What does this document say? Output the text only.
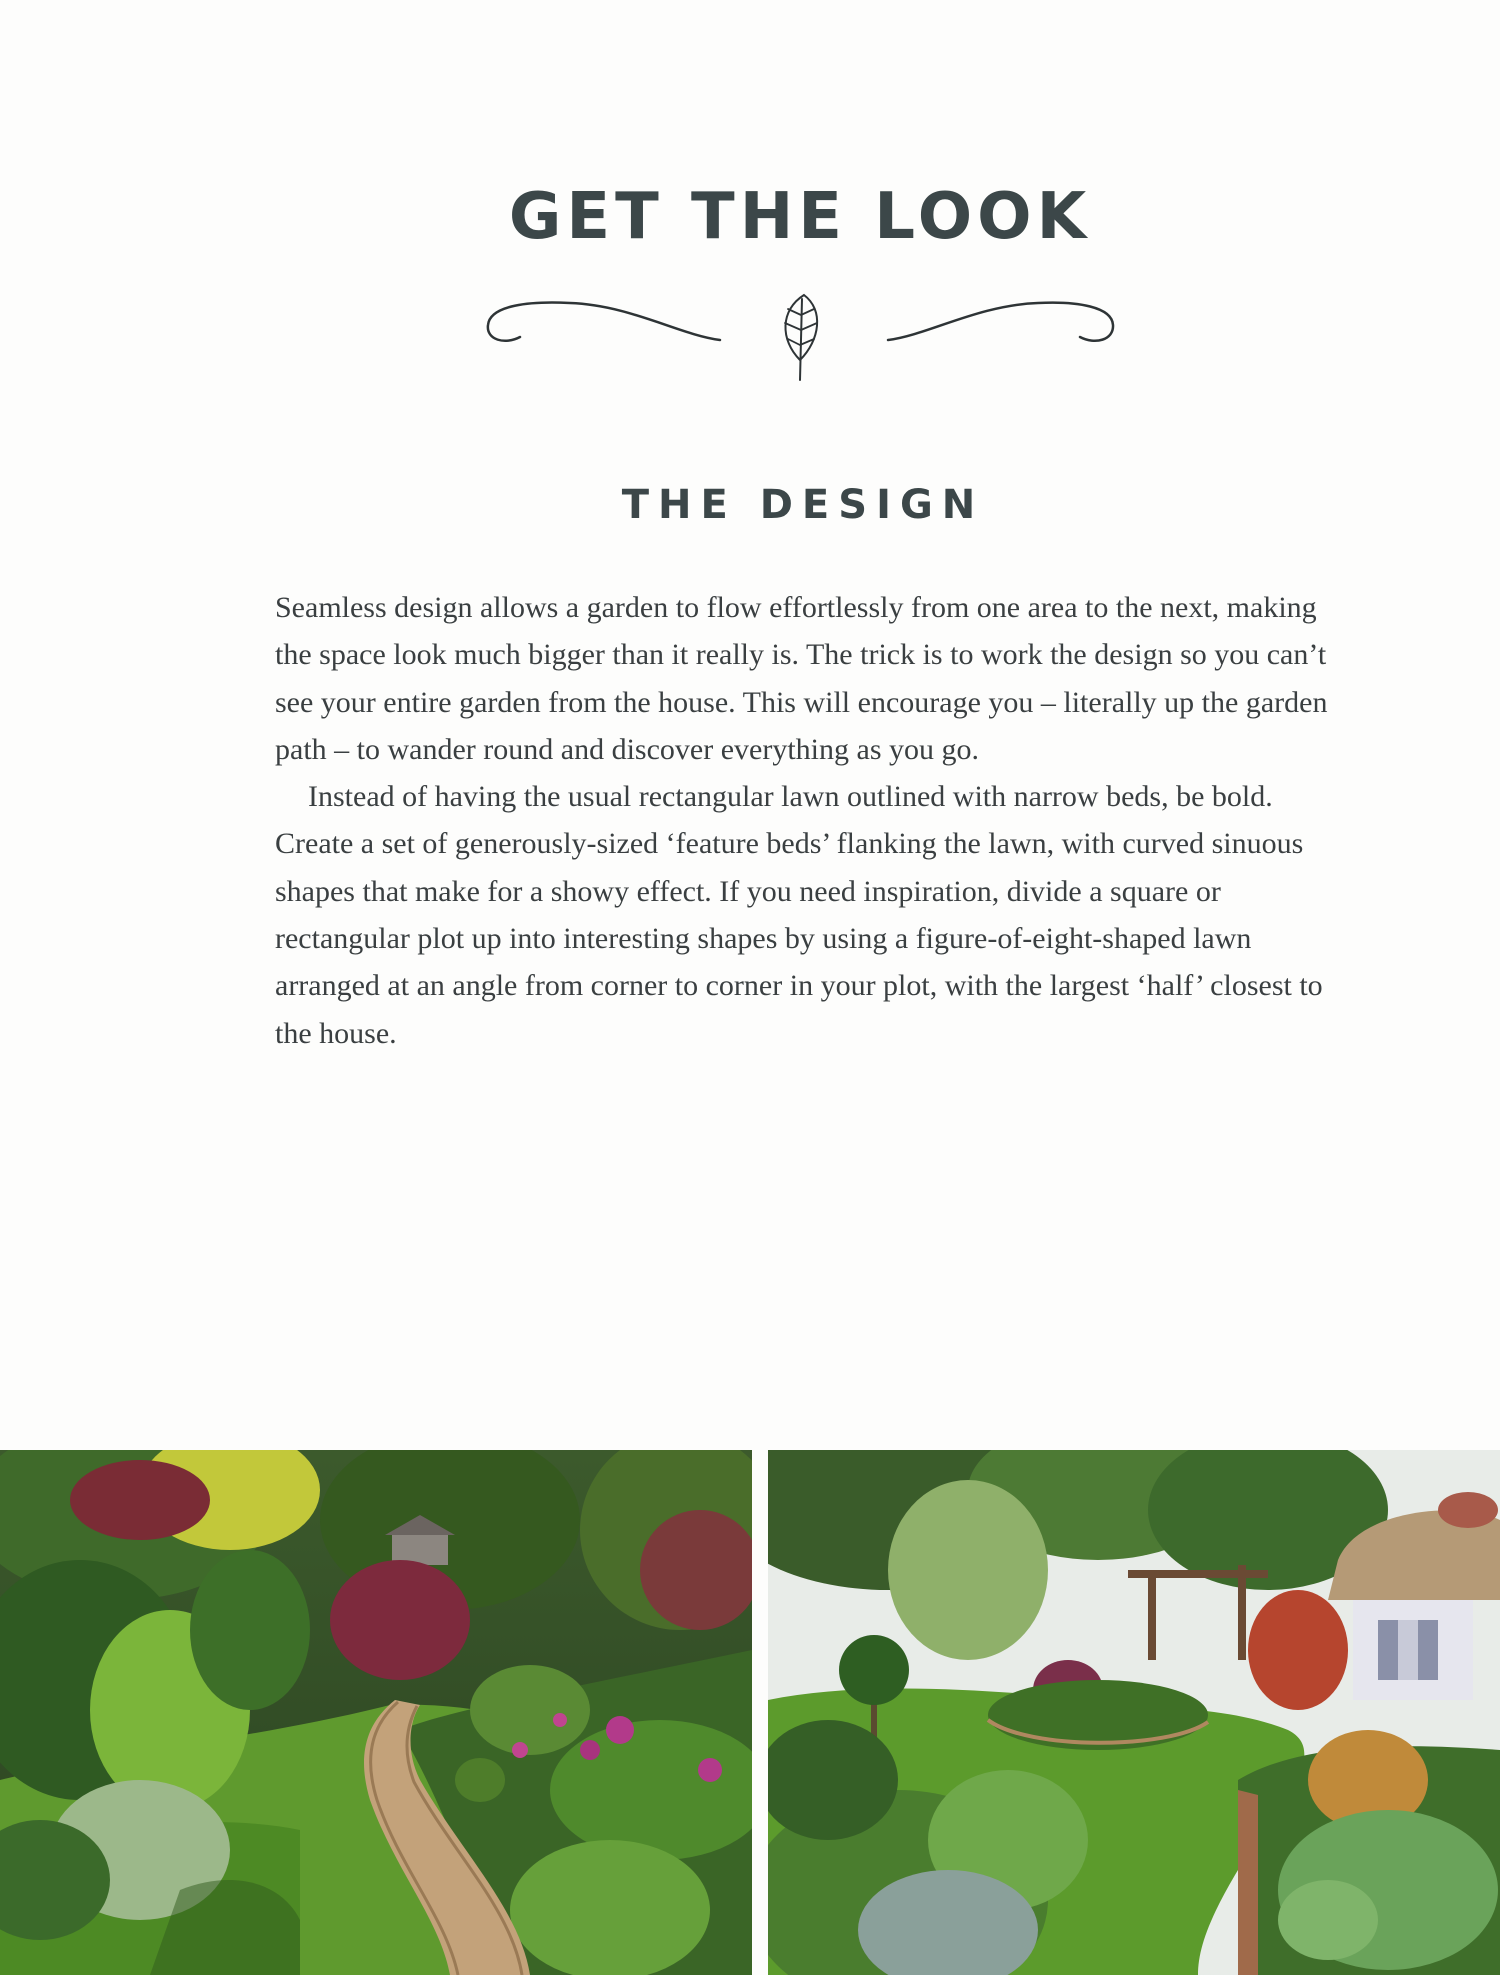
GET THE LOOK
THE DESIGN

Seamless design allows a garden to flow effortlessly from one area to the next, making the space look much bigger than it really is. The trick is to work the design so you can’t see your entire garden from the house. This will encourage you – literally up the garden path – to wander round and discover everything as you go.

Instead of having the usual rectangular lawn outlined with narrow beds, be bold. Create a set of generously-sized ‘feature beds’ flanking the lawn, with curved sinuous shapes that make for a showy effect. If you need inspiration, divide a square or rectangular plot up into interesting shapes by using a figure-of-eight-shaped lawn arranged at an angle from corner to corner in your plot, with the largest ‘half’ closest to the house.
